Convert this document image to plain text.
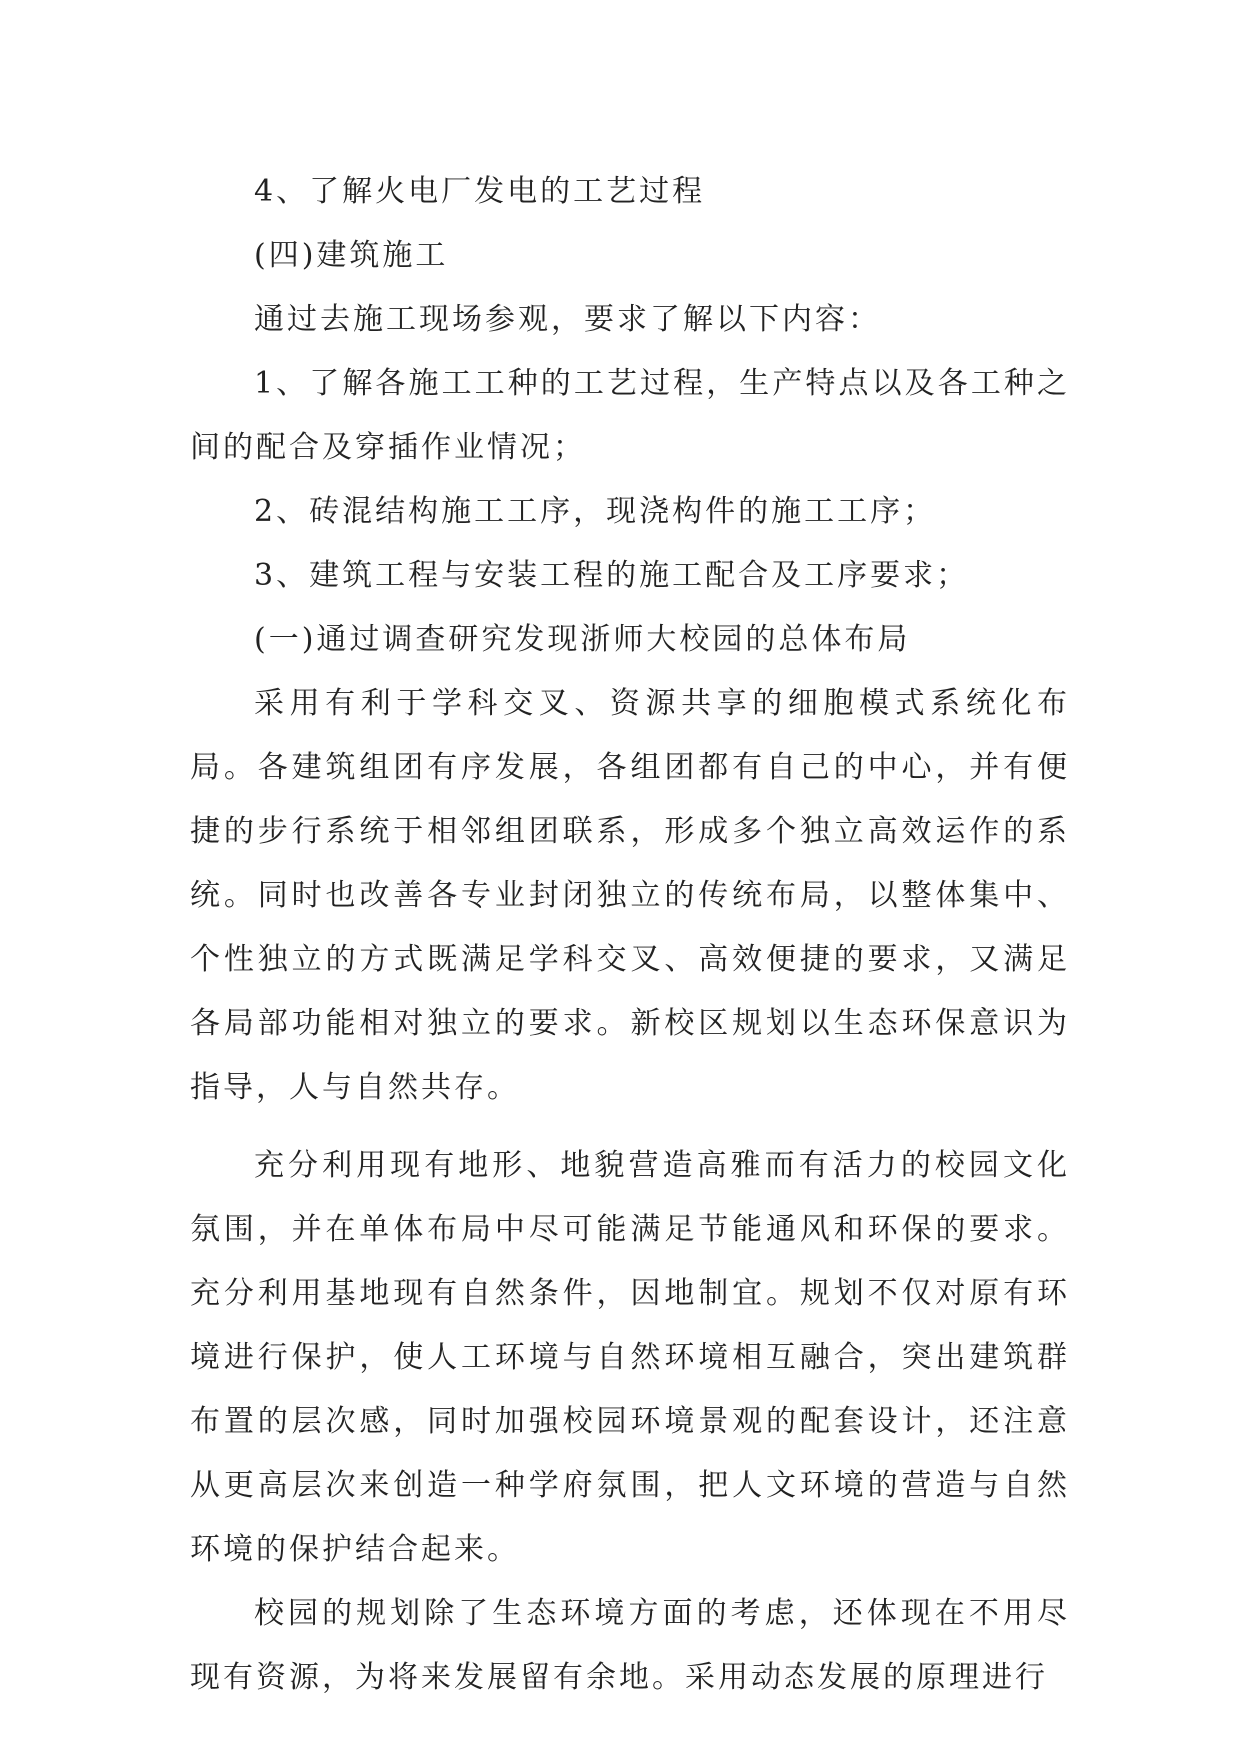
4、了解火电厂发电的工艺过程

(四)建筑施工

通过去施工现场参观，要求了解以下内容：

1、了解各施工工种的工艺过程，生产特点以及各工种之间的配合及穿插作业情况；

2、砖混结构施工工序，现浇构件的施工工序；

3、建筑工程与安装工程的施工配合及工序要求；

(一)通过调查研究发现浙师大校园的总体布局

采用有利于学科交叉、资源共享的细胞模式系统化布局。各建筑组团有序发展，各组团都有自己的中心，并有便捷的步行系统于相邻组团联系，形成多个独立高效运作的系统。同时也改善各专业封闭独立的传统布局，以整体集中、个性独立的方式既满足学科交叉、高效便捷的要求，又满足各局部功能相对独立的要求。新校区规划以生态环保意识为指导，人与自然共存。

充分利用现有地形、地貌营造高雅而有活力的校园文化氛围，并在单体布局中尽可能满足节能通风和环保的要求。充分利用基地现有自然条件，因地制宜。规划不仅对原有环境进行保护，使人工环境与自然环境相互融合，突出建筑群布置的层次感，同时加强校园环境景观的配套设计，还注意从更高层次来创造一种学府氛围，把人文环境的营造与自然环境的保护结合起来。

校园的规划除了生态环境方面的考虑，还体现在不用尽现有资源，为将来发展留有余地。采用动态发展的原理进行
